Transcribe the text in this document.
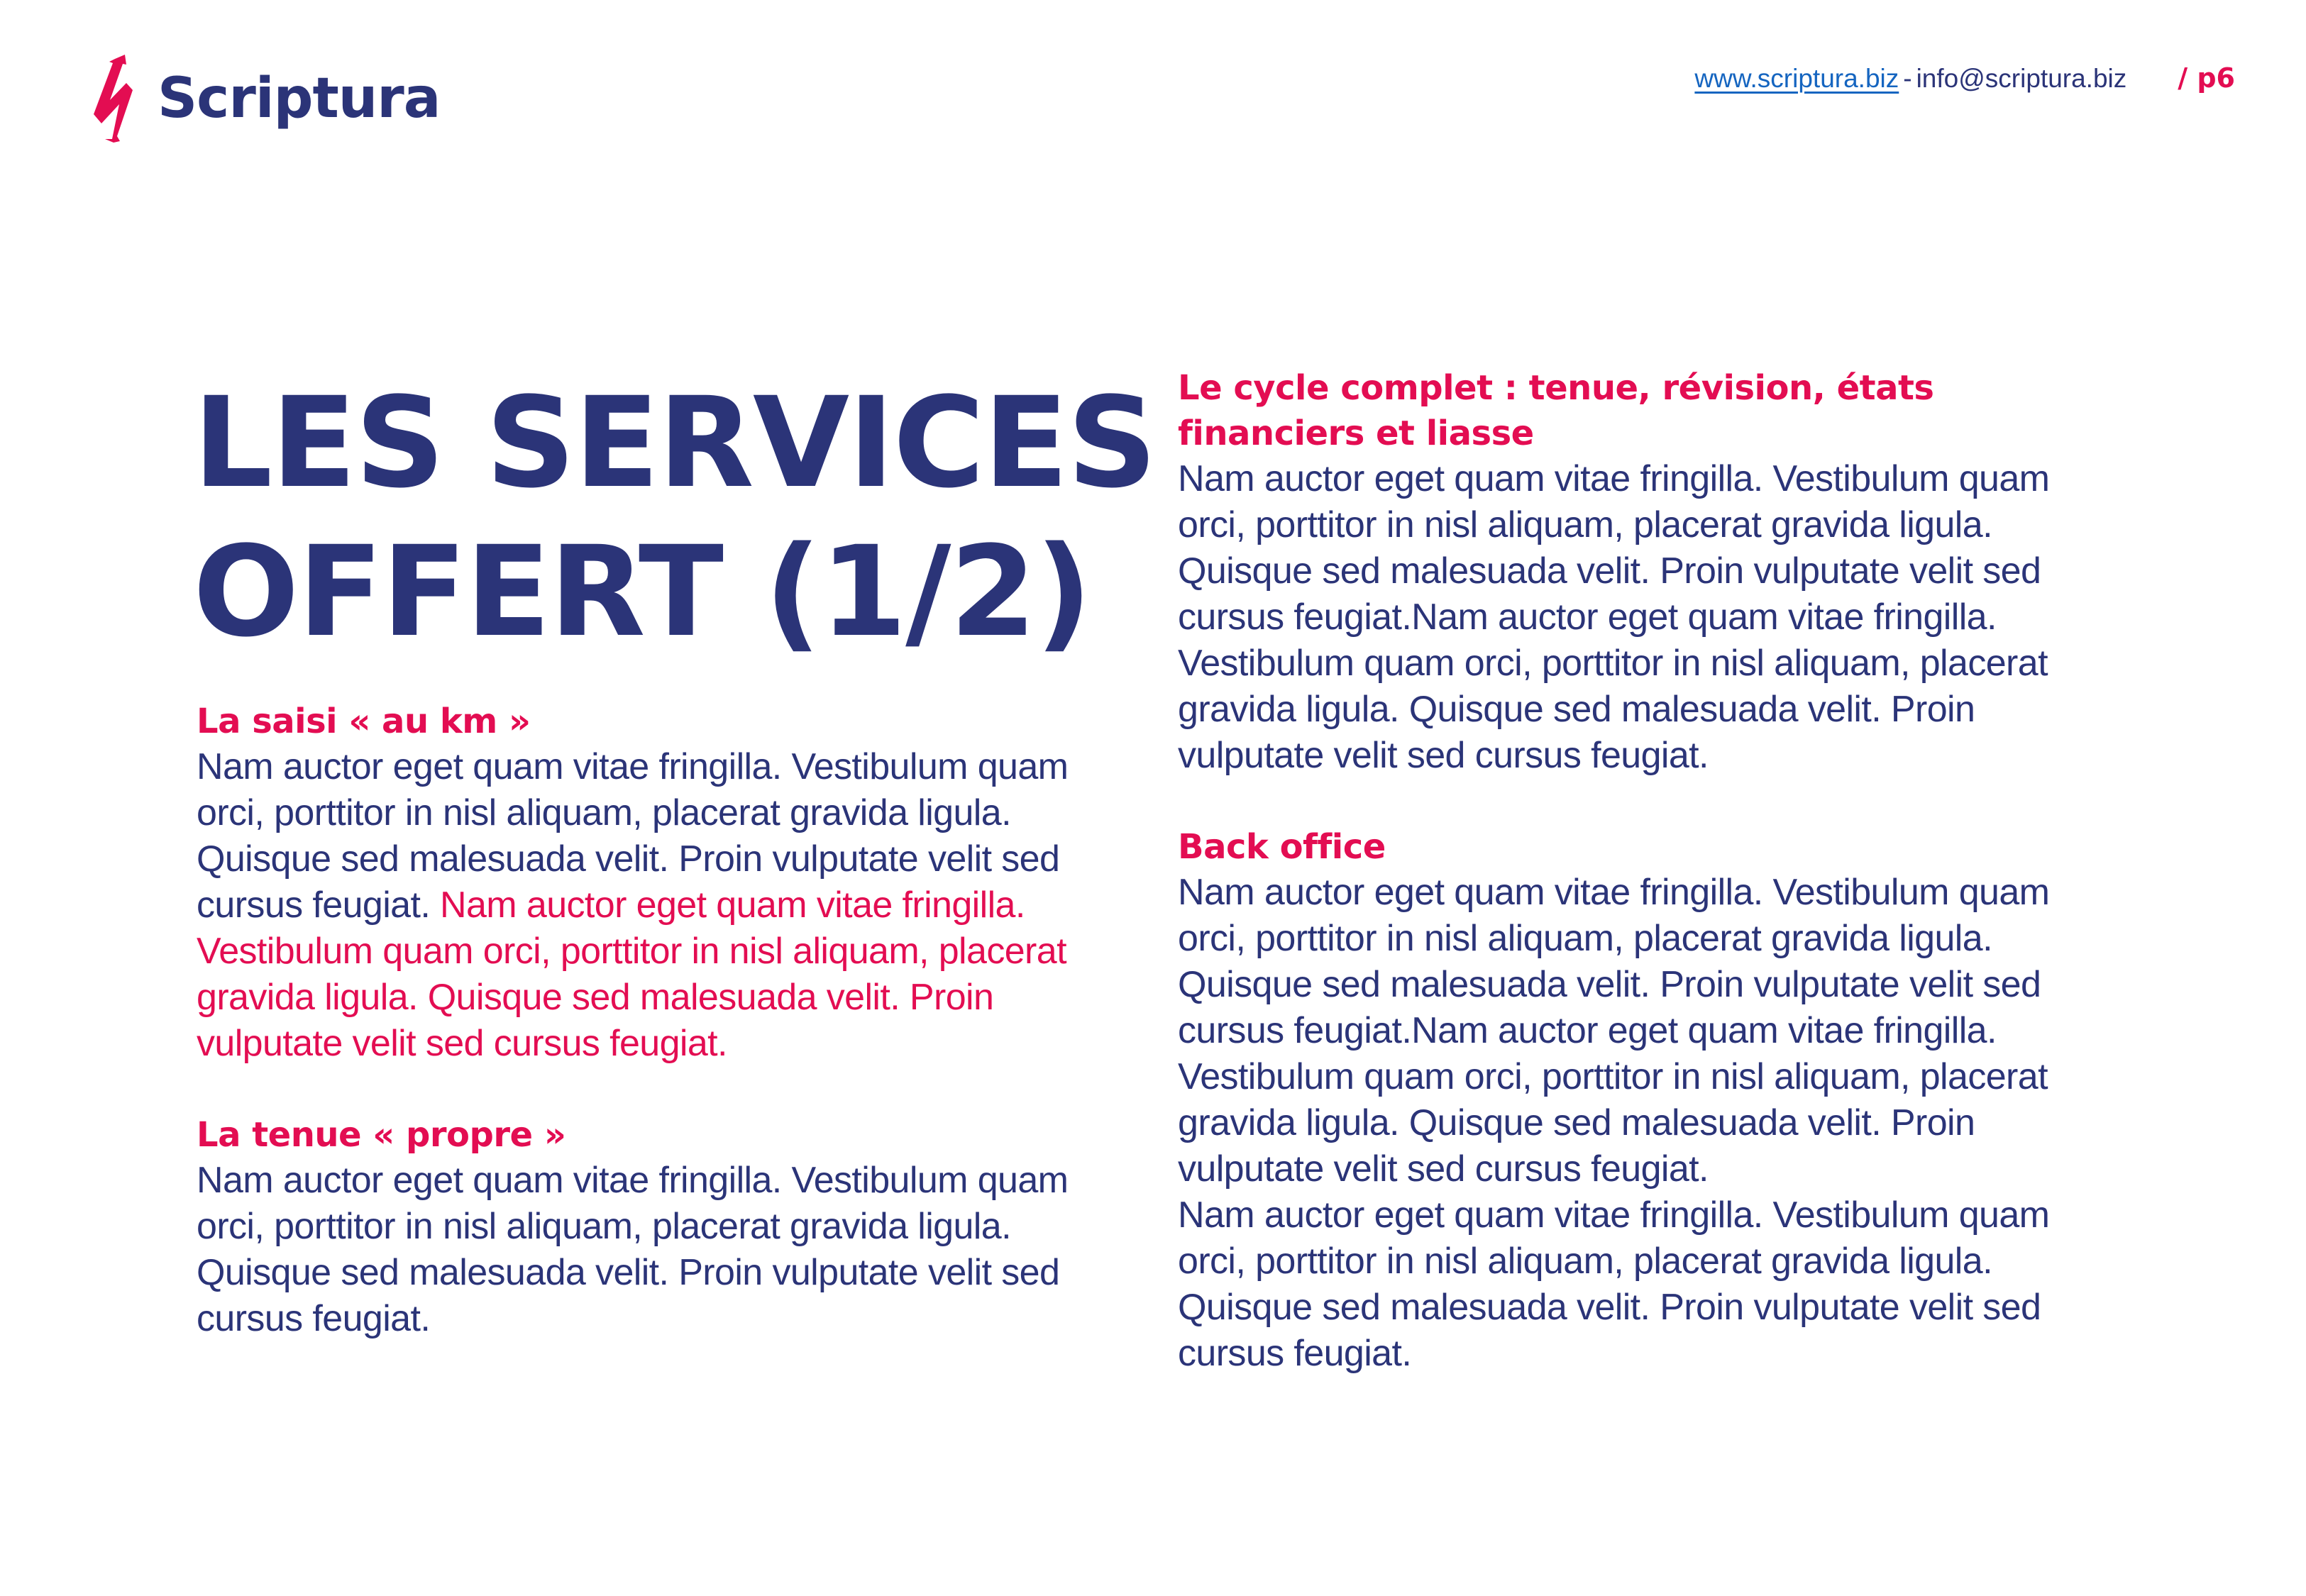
Scriptura	www.scriptura.biz - info@scriptura.biz / p6
LES SERVICES
OFFERT (1/2)
La saisi « au km »
Nam auctor eget quam vitae fringilla. Vestibulum quam
orci, porttitor in nisl aliquam, placerat gravida ligula.
Quisque sed malesuada velit. Proin vulputate velit sed
cursus feugiat. Nam auctor eget quam vitae fringilla.
Vestibulum quam orci, porttitor in nisl aliquam, placerat
gravida ligula. Quisque sed malesuada velit. Proin
vulputate velit sed cursus feugiat.
La tenue « propre »
Nam auctor eget quam vitae fringilla. Vestibulum quam
orci, porttitor in nisl aliquam, placerat gravida ligula.
Quisque sed malesuada velit. Proin vulputate velit sed
cursus feugiat.
Le cycle complet : tenue, révision, états
financiers et liasse
Nam auctor eget quam vitae fringilla. Vestibulum quam
orci, porttitor in nisl aliquam, placerat gravida ligula.
Quisque sed malesuada velit. Proin vulputate velit sed
cursus feugiat.Nam auctor eget quam vitae fringilla.
Vestibulum quam orci, porttitor in nisl aliquam, placerat
gravida ligula. Quisque sed malesuada velit. Proin
vulputate velit sed cursus feugiat.
Back office
Nam auctor eget quam vitae fringilla. Vestibulum quam
orci, porttitor in nisl aliquam, placerat gravida ligula.
Quisque sed malesuada velit. Proin vulputate velit sed
cursus feugiat.Nam auctor eget quam vitae fringilla.
Vestibulum quam orci, porttitor in nisl aliquam, placerat
gravida ligula. Quisque sed malesuada velit. Proin
vulputate velit sed cursus feugiat.
Nam auctor eget quam vitae fringilla. Vestibulum quam
orci, porttitor in nisl aliquam, placerat gravida ligula.
Quisque sed malesuada velit. Proin vulputate velit sed
cursus feugiat.
